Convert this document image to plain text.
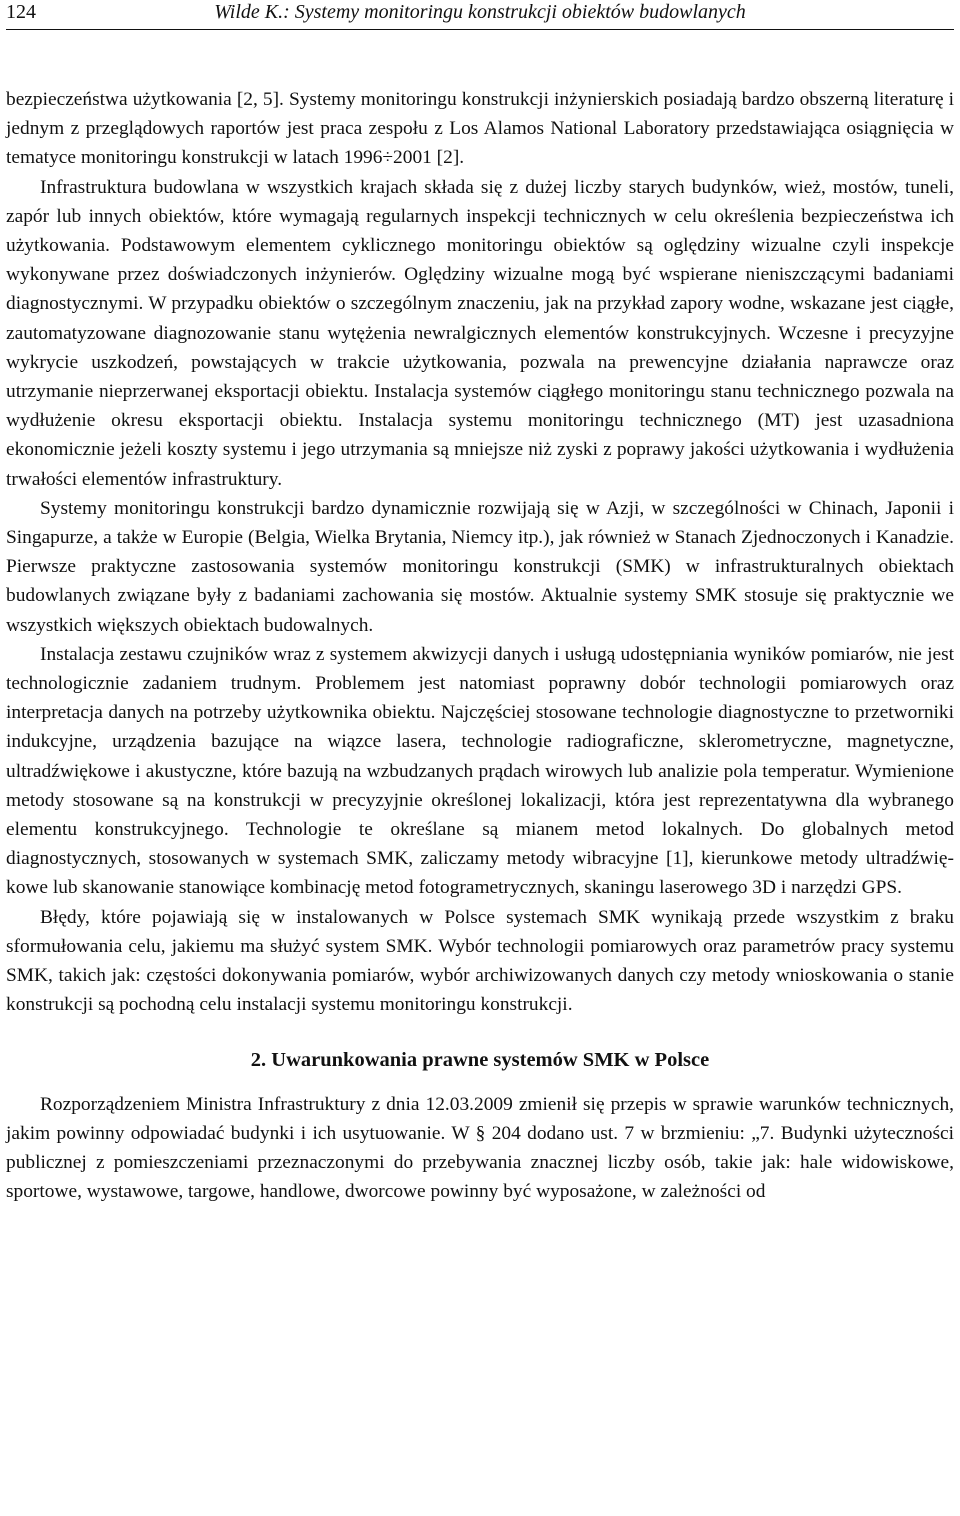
124	Wilde K.: Systemy monitoringu konstrukcji obiektów budowlanych

bezpieczeństwa użytkowania [2, 5]. Systemy monitoringu konstrukcji inżynierskich posiadają bardzo obszerną literaturę i jednym z przeglądowych raportów jest praca zespołu z Los Alamos National Laboratory przedstawiająca osiągnięcia w tematyce monitoringu konstrukcji w latach 1996÷2001 [2].

Infrastruktura budowlana w wszystkich krajach składa się z dużej liczby starych budynków, wież, mostów, tuneli, zapór lub innych obiektów, które wymagają regularnych inspekcji technicznych w celu określenia bezpieczeństwa ich użytkowania. Podstawowym elementem cyklicznego monitoringu obiektów są oględziny wizualne czyli inspekcje wykonywane przez doświadczonych inżynierów. Oględziny wizualne mogą być wspierane nieniszczącymi badaniami diagnostycznymi. W przypadku obiektów o szczególnym znaczeniu, jak na przykład zapory wodne, wskazane jest ciągłe, zautomatyzowane diagnozowanie stanu wytężenia newralgicznych elementów konstrukcyjnych. Wczesne i precyzyjne wykrycie uszkodzeń, powstających w trakcie użytkowania, pozwala na prewencyjne działania naprawcze oraz utrzymanie nieprzerwanej eksportacji obiektu. Instalacja systemów ciągłego monitoringu stanu technicznego pozwala na wydłużenie okresu eksportacji obiektu. Instalacja systemu monitoringu technicznego (MT) jest uzasadniona ekonomicznie jeżeli koszty systemu i jego utrzymania są mniejsze niż zyski z poprawy jakości użytkowania i wydłużenia trwałości elementów infrastruktury.

Systemy monitoringu konstrukcji bardzo dynamicznie rozwijają się w Azji, w szczególności w Chinach, Japonii i Singapurze, a także w Europie (Belgia, Wielka Brytania, Niemcy itp.), jak również w Stanach Zjednoczonych i Kanadzie. Pierwsze praktyczne zastosowania systemów monitoringu konstrukcji (SMK) w infrastrukturalnych obiektach budowlanych związane były z badaniami zachowania się mostów. Aktualnie systemy SMK stosuje się praktycznie we wszystkich większych obiektach budowalnych.

Instalacja zestawu czujników wraz z systemem akwizycji danych i usługą udostępniania wyników pomiarów, nie jest technologicznie zadaniem trudnym. Problemem jest natomiast poprawny dobór technologii pomiarowych oraz interpretacja danych na potrzeby użytkownika obiektu. Najczęściej stosowane technologie diagnostyczne to przetworniki indukcyjne, urządzenia bazujące na wiązce lasera, technologie radiograficzne, sklerometryczne, magnetyczne, ultradźwiękowe i akustyczne, które bazują na wzbudzanych prądach wirowych lub analizie pola temperatur. Wymienione metody stosowane są na konstrukcji w precyzyjnie określonej lokalizacji, która jest reprezentatywna dla wybranego elementu konstrukcyjnego. Technologie te określane są mianem metod lokalnych. Do globalnych metod diagnostycznych, stosowanych w systemach SMK, zaliczamy metody wibracyjne [1], kierunkowe metody ultradźwiękowe lub skanowanie stanowiące kombinację metod fotogrametrycznych, skaningu laserowego 3D i narzędzi GPS.

Błędy, które pojawiają się w instalowanych w Polsce systemach SMK wynikają przede wszystkim z braku sformułowania celu, jakiemu ma służyć system SMK. Wybór technologii pomiarowych oraz parametrów pracy systemu SMK, takich jak: częstości dokonywania pomiarów, wybór archiwizowanych danych czy metody wnioskowania o stanie konstrukcji są pochodną celu instalacji systemu monitoringu konstrukcji.

2. Uwarunkowania prawne systemów SMK w Polsce

Rozporządzeniem Ministra Infrastruktury z dnia 12.03.2009 zmienił się przepis w sprawie warunków technicznych, jakim powinny odpowiadać budynki i ich usytuowanie. W § 204 dodano ust. 7 w brzmieniu: „7. Budynki użyteczności publicznej z pomieszczeniami przeznaczonymi do przebywania znacznej liczby osób, takie jak: hale widowiskowe, sportowe, wystawowe, targowe, handlowe, dworcowe powinny być wyposażone, w zależności od
